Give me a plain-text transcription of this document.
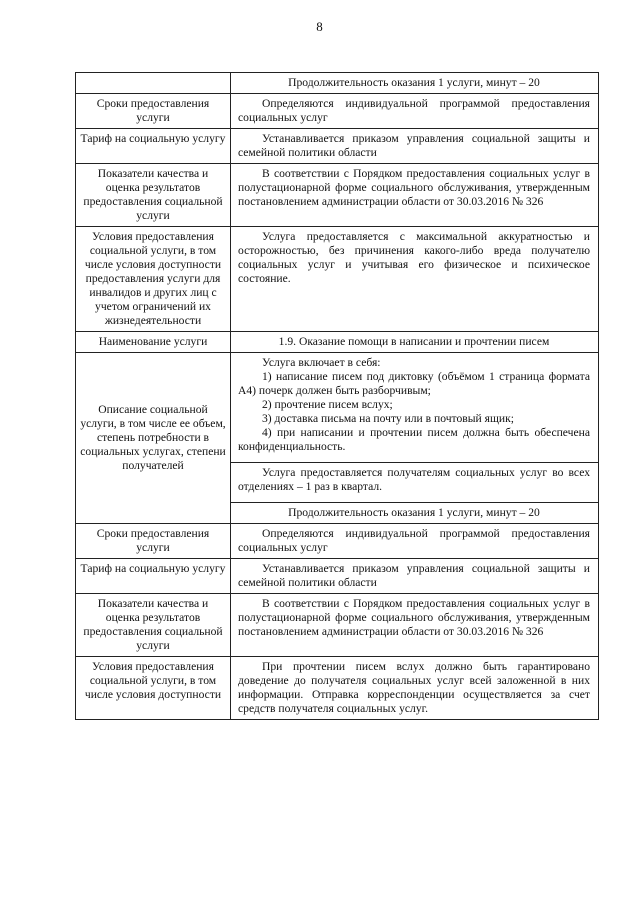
8
	Продолжительность оказания 1 услуги, минут – 20
Сроки предоставления услуги	Определяются индивидуальной программой предоставления социальных услуг
Тариф на социальную услугу	Устанавливается приказом управления социальной защиты и семейной политики области
Показатели качества и оценка результатов предоставления социальной услуги	В соответствии с Порядком предоставления социальных услуг в полустационарной форме социального обслуживания, утвержденным постановлением администрации области от 30.03.2016 № 326
Условия предоставления социальной услуги, в том числе условия доступности предоставления услуги для инвалидов и других лиц с учетом ограничений их жизнедеятельности	Услуга предоставляется с максимальной аккуратностью и осторожностью, без причинения какого-либо вреда получателю социальных услуг и учитывая его физическое и психическое состояние.
Наименование услуги	1.9. Оказание помощи в написании и прочтении писем
Описание социальной услуги, в том числе ее объем, степень потребности в социальных услугах, степени получателей	Услуга включает в себя:

1) написание писем под диктовку (объёмом 1 страница формата А4) почерк должен быть разборчивым;

2) прочтение писем вслух;

3) доставка письма на почту или в почтовый ящик;

4) при написании и прочтении писем должна быть обеспечена конфиденциальность.

	Услуга предоставляется получателям социальных услуг во всех отделениях – 1 раз в квартал.
	Продолжительность оказания 1 услуги, минут – 20
Сроки предоставления услуги	Определяются индивидуальной программой предоставления социальных услуг
Тариф на социальную услугу	Устанавливается приказом управления социальной защиты и семейной политики области
Показатели качества и оценка результатов предоставления социальной услуги	В соответствии с Порядком предоставления социальных услуг в полустационарной форме социального обслуживания, утвержденным постановлением администрации области от 30.03.2016 № 326
Условия предоставления социальной услуги, в том числе условия доступности	При прочтении писем вслух должно быть гарантировано доведение до получателя социальных услуг всей заложенной в них информации. Отправка корреспонденции осуществляется за счет средств получателя социальных услуг.
